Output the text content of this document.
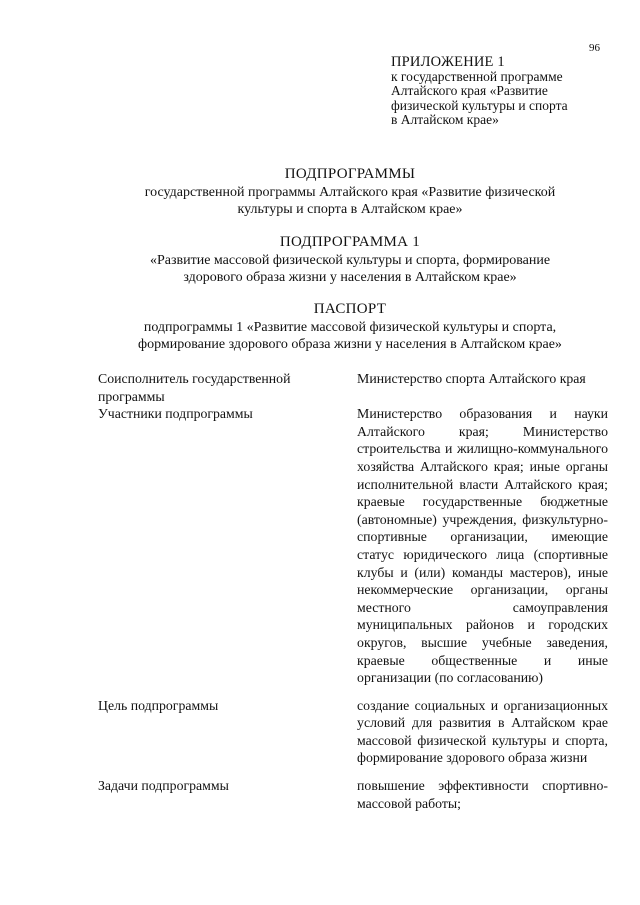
96
ПРИЛОЖЕНИЕ 1
к государственной программе
Алтайского края «Развитие
физической культуры и спорта
в Алтайском крае»
ПОДПРОГРАММЫ
государственной программы Алтайского края «Развитие физической
культуры и спорта в Алтайском крае»
ПОДПРОГРАММА 1
«Развитие массовой физической культуры и спорта, формирование
здорового образа жизни у населения в Алтайском крае»
ПАСПОРТ
подпрограммы 1 «Развитие массовой физической культуры и спорта,
формирование здорового образа жизни у населения в Алтайском крае»
Соисполнитель государственной программы	Министерство спорта Алтайского края
Участники подпрограммы	Министерство образования и науки Алтайского края; Министерство строительства и жилищно-коммунального хозяйства Алтайского края; иные органы исполнительной власти Алтайского края; краевые государственные бюджетные (автономные) учреждения, физкультурно-спортивные организации, имеющие статус юридического лица (спортивные клубы и (или) команды мастеров), иные некоммерческие организации, органы местного самоуправления муниципальных районов и городских округов, высшие учебные заведения, краевые общественные и иные организации (по согласованию)
Цель подпрограммы	создание социальных и организационных условий для развития в Алтайском крае массовой физической культуры и спорта, формирование здорового образа жизни
Задачи подпрограммы	повышение эффективности спортивно-массовой работы;
